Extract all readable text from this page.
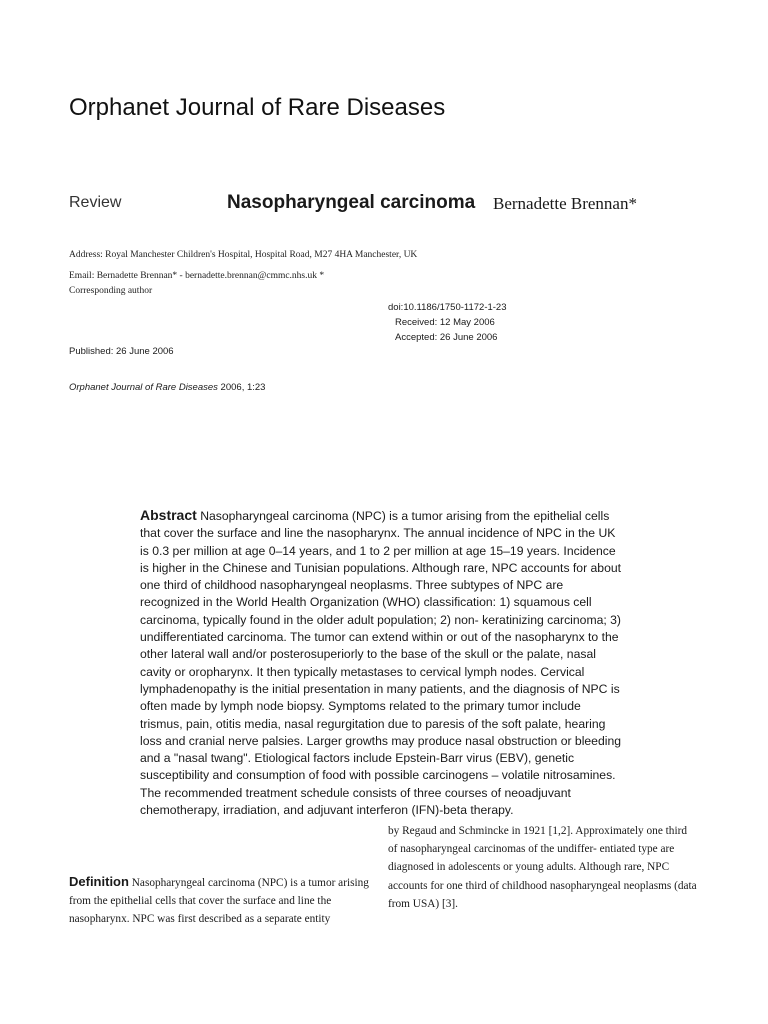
Orphanet Journal of Rare Diseases
Review	Nasopharyngeal carcinoma Bernadette Brennan*
Address: Royal Manchester Children's Hospital, Hospital Road, M27 4HA Manchester, UK
Email: Bernadette Brennan* - bernadette.brennan@cmmc.nhs.uk *
Corresponding author
doi:10.1186/1750-1172-1-23
Received: 12 May 2006 Accepted: 26 June 2006
Published: 26 June 2006
Orphanet Journal of Rare Diseases 2006, 1:23
Abstract Nasopharyngeal carcinoma (NPC) is a tumor arising from the epithelial cells that cover the surface and line the nasopharynx. The annual incidence of NPC in the UK is 0.3 per million at age 0–14 years, and 1 to 2 per million at age 15–19 years. Incidence is higher in the Chinese and Tunisian populations. Although rare, NPC accounts for about one third of childhood nasopharyngeal neoplasms. Three subtypes of NPC are recognized in the World Health Organization (WHO) classification: 1) squamous cell carcinoma, typically found in the older adult population; 2) non- keratinizing carcinoma; 3) undifferentiated carcinoma. The tumor can extend within or out of the nasopharynx to the other lateral wall and/or posterosuperiorly to the base of the skull or the palate, nasal cavity or oropharynx. It then typically metastases to cervical lymph nodes. Cervical lymphadenopathy is the initial presentation in many patients, and the diagnosis of NPC is often made by lymph node biopsy. Symptoms related to the primary tumor include trismus, pain, otitis media, nasal regurgitation due to paresis of the soft palate, hearing loss and cranial nerve palsies. Larger growths may produce nasal obstruction or bleeding and a "nasal twang". Etiological factors include Epstein-Barr virus (EBV), genetic susceptibility and consumption of food with possible carcinogens – volatile nitrosamines. The recommended treatment schedule consists of three courses of neoadjuvant chemotherapy, irradiation, and adjuvant interferon (IFN)-beta therapy.
Definition Nasopharyngeal carcinoma (NPC) is a tumor arising from the epithelial cells that cover the surface and line the nasopharynx. NPC was first described as a separate entity
by Regaud and Schmincke in 1921 [1,2]. Approximately one third of nasopharyngeal carcinomas of the undiffer- entiated type are diagnosed in adolescents or young adults. Although rare, NPC accounts for one third of childhood nasopharyngeal neoplasms (data from USA) [3].
